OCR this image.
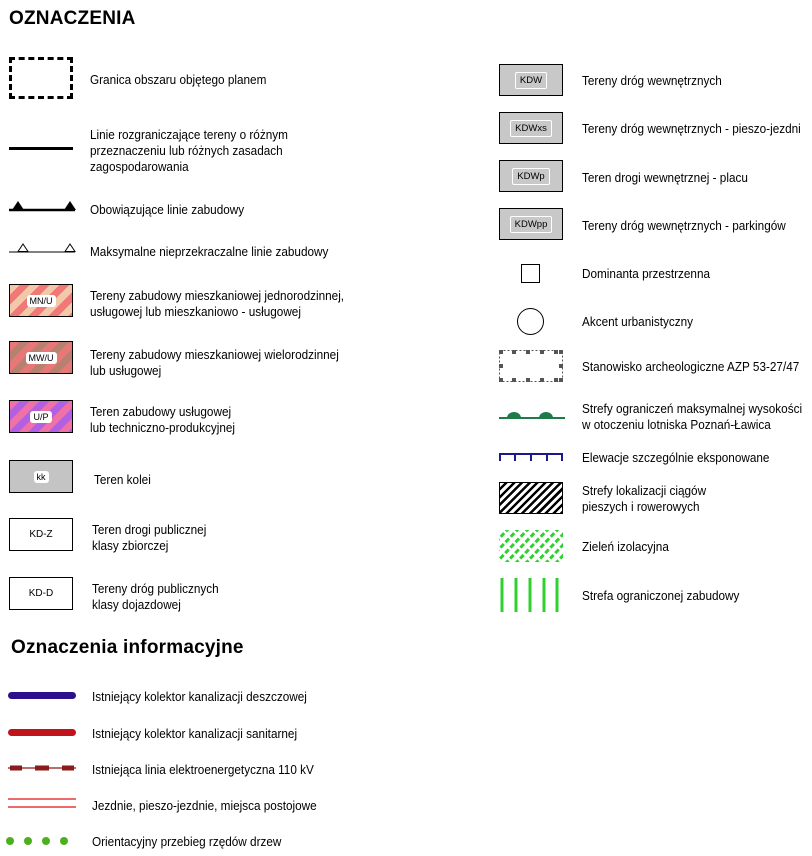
OZNACZENIA
Oznaczenia informacyjne
Granica obszaru objętego planem
Linie rozgraniczające tereny o różnym
przeznaczeniu lub różnych zasadach
zagospodarowania
Obowiązujące linie zabudowy
Maksymalne nieprzekraczalne linie zabudowy
MN/U	Tereny zabudowy mieszkaniowej jednorodzinnej,
usługowej lub mieszkaniowo - usługowej
MW/U	Tereny zabudowy mieszkaniowej wielorodzinnej
lub usługowej
U/P	Teren zabudowy usługowej
lub techniczno-produkcyjnej
kk	Teren kolei
KD-Z	Teren drogi publicznej
klasy zbiorczej
KD-D	Tereny dróg publicznych
klasy dojazdowej
KDW	Tereny dróg wewnętrznych
KDWxs	Tereny dróg wewnętrznych - pieszo-jezdni
KDWp	Teren drogi wewnętrznej - placu
KDWpp	Tereny dróg wewnętrznych - parkingów
Dominanta przestrzenna
Akcent urbanistyczny
Stanowisko archeologiczne AZP 53-27/47
Strefy ograniczeń maksymalnej wysokości
w otoczeniu lotniska Poznań-Ławica
Elewacje szczególnie eksponowane
Strefy lokalizacji ciągów
pieszych i rowerowych
Zieleń izolacyjna
Strefa ograniczonej zabudowy
Istniejący kolektor kanalizacji deszczowej
Istniejący kolektor kanalizacji sanitarnej
Istniejąca linia elektroenergetyczna 110 kV
Jezdnie, pieszo-jezdnie, miejsca postojowe
Orientacyjny przebieg rzędów drzew
